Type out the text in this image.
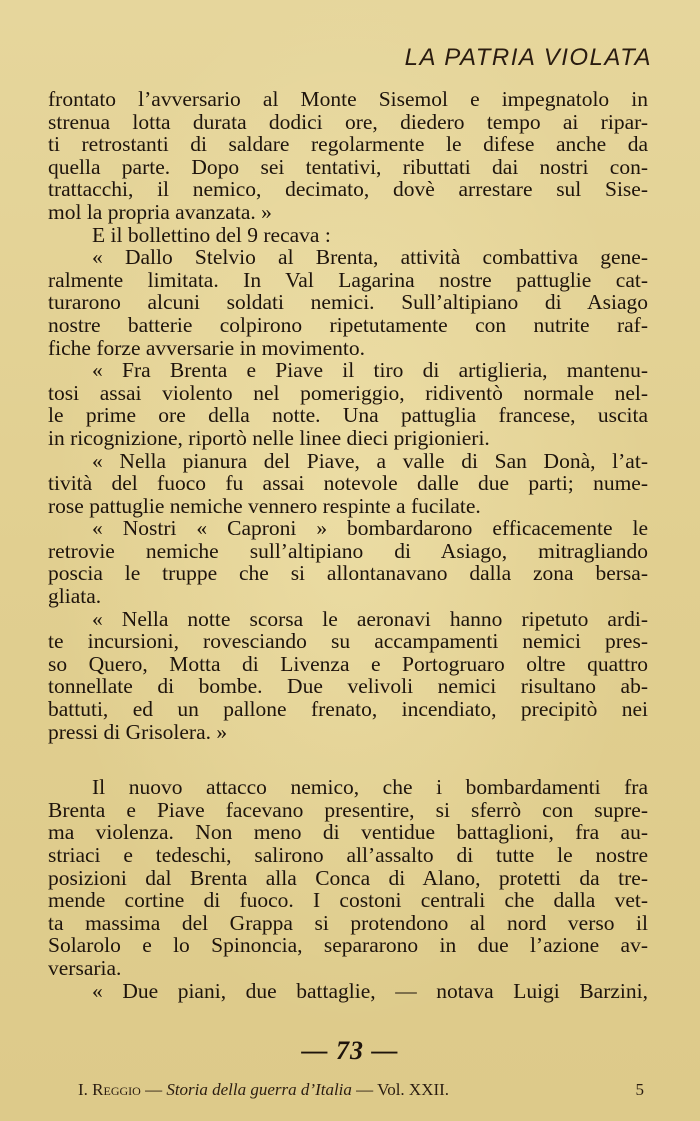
LA PATRIA VIOLATA
frontato l’avversario al Monte Sisemol e impegnatolo in
strenua lotta durata dodici ore, diedero tempo ai ripar-
ti retrostanti di saldare regolarmente le difese anche da
quella parte. Dopo sei tentativi, ributtati dai nostri con-
trattacchi, il nemico, decimato, dovè arrestare sul Sise-
mol la propria avanzata. »
E il bollettino del 9 recava :
« Dallo Stelvio al Brenta, attività combattiva gene-
ralmente limitata. In Val Lagarina nostre pattuglie cat-
turarono alcuni soldati nemici. Sull’altipiano di Asiago
nostre batterie colpirono ripetutamente con nutrite raf-
fiche forze avversarie in movimento.
« Fra Brenta e Piave il tiro di artiglieria, mantenu-
tosi assai violento nel pomeriggio, ridiventò normale nel-
le prime ore della notte. Una pattuglia francese, uscita
in ricognizione, riportò nelle linee dieci prigionieri.
« Nella pianura del Piave, a valle di San Donà, l’at-
tività del fuoco fu assai notevole dalle due parti; nume-
rose pattuglie nemiche vennero respinte a fucilate.
« Nostri « Caproni » bombardarono efficacemente le
retrovie nemiche sull’altipiano di Asiago, mitragliando
poscia le truppe che si allontanavano dalla zona bersa-
gliata.
« Nella notte scorsa le aeronavi hanno ripetuto ardi-
te incursioni, rovesciando su accampamenti nemici pres-
so Quero, Motta di Livenza e Portogruaro oltre quattro
tonnellate di bombe. Due velivoli nemici risultano ab-
battuti, ed un pallone frenato, incendiato, precipitò nei
pressi di Grisolera. »
Il nuovo attacco nemico, che i bombardamenti fra
Brenta e Piave facevano presentire, si sferrò con supre-
ma violenza. Non meno di ventidue battaglioni, fra au-
striaci e tedeschi, salirono all’assalto di tutte le nostre
posizioni dal Brenta alla Conca di Alano, protetti da tre-
mende cortine di fuoco. I costoni centrali che dalla vet-
ta massima del Grappa si protendono al nord verso il
Solarolo e lo Spinoncia, separarono in due l’azione av-
versaria.
« Due piani, due battaglie, — notava Luigi Barzini,
— 73 —
I. Reggio — Storia della guerra d’Italia — Vol. XXII.	5
